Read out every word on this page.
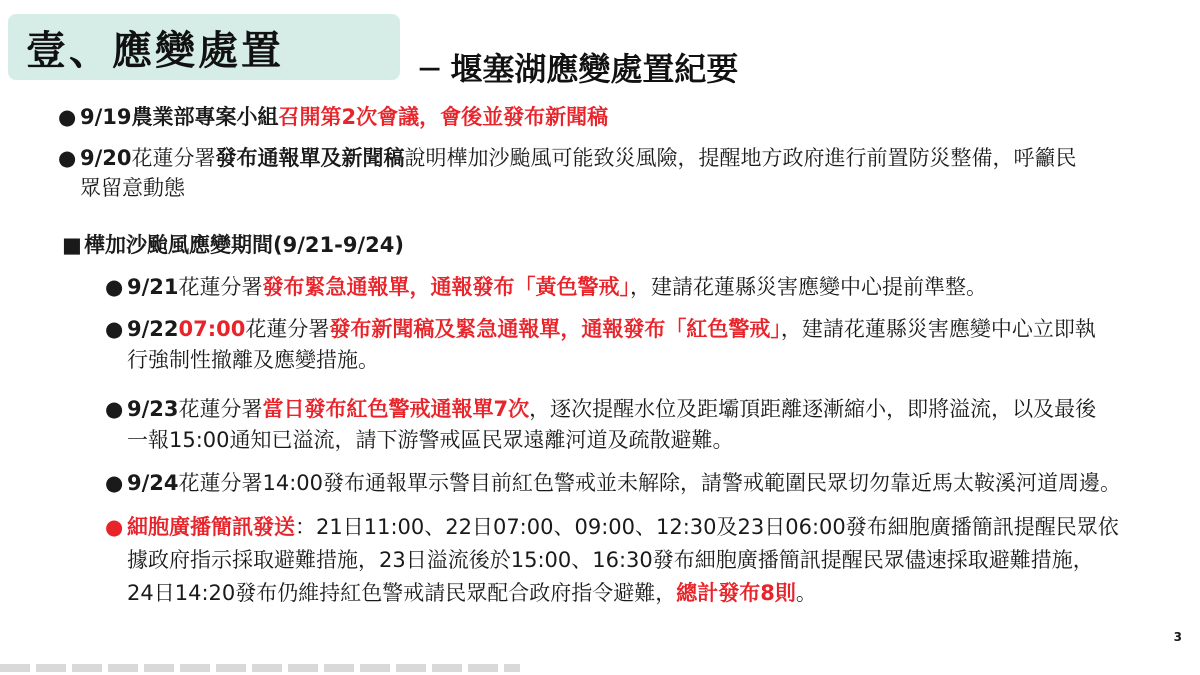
壹、應變處置	─ 堰塞湖應變處置紀要
● 9/19農業部專案小組召開第2次會議，會後並發布新聞稿
● 9/20花蓮分署發布通報單及新聞稿說明樺加沙颱風可能致災風險，提醒地方政府進行前置防災整備，呼籲民
眾留意動態
■ 樺加沙颱風應變期間(9/21-9/24)
● 9/21花蓮分署發布緊急通報單，通報發布「黃色警戒」，建請花蓮縣災害應變中心提前準整。
● 9/2207:00花蓮分署發布新聞稿及緊急通報單，通報發布「紅色警戒」，建請花蓮縣災害應變中心立即執
行強制性撤離及應變措施。
● 9/23花蓮分署當日發布紅色警戒通報單7次，逐次提醒水位及距壩頂距離逐漸縮小，即將溢流，以及最後
一報15:00通知已溢流，請下游警戒區民眾遠離河道及疏散避難。
● 9/24花蓮分署14:00發布通報單示警目前紅色警戒並未解除，請警戒範圍民眾切勿靠近馬太鞍溪河道周邊。
● 細胞廣播簡訊發送：21日11:00、22日07:00、09:00、12:30及23日06:00發布細胞廣播簡訊提醒民眾依
據政府指示採取避難措施，23日溢流後於15:00、16:30發布細胞廣播簡訊提醒民眾儘速採取避難措施，
24日14:20發布仍維持紅色警戒請民眾配合政府指令避難，總計發布8則。
3
